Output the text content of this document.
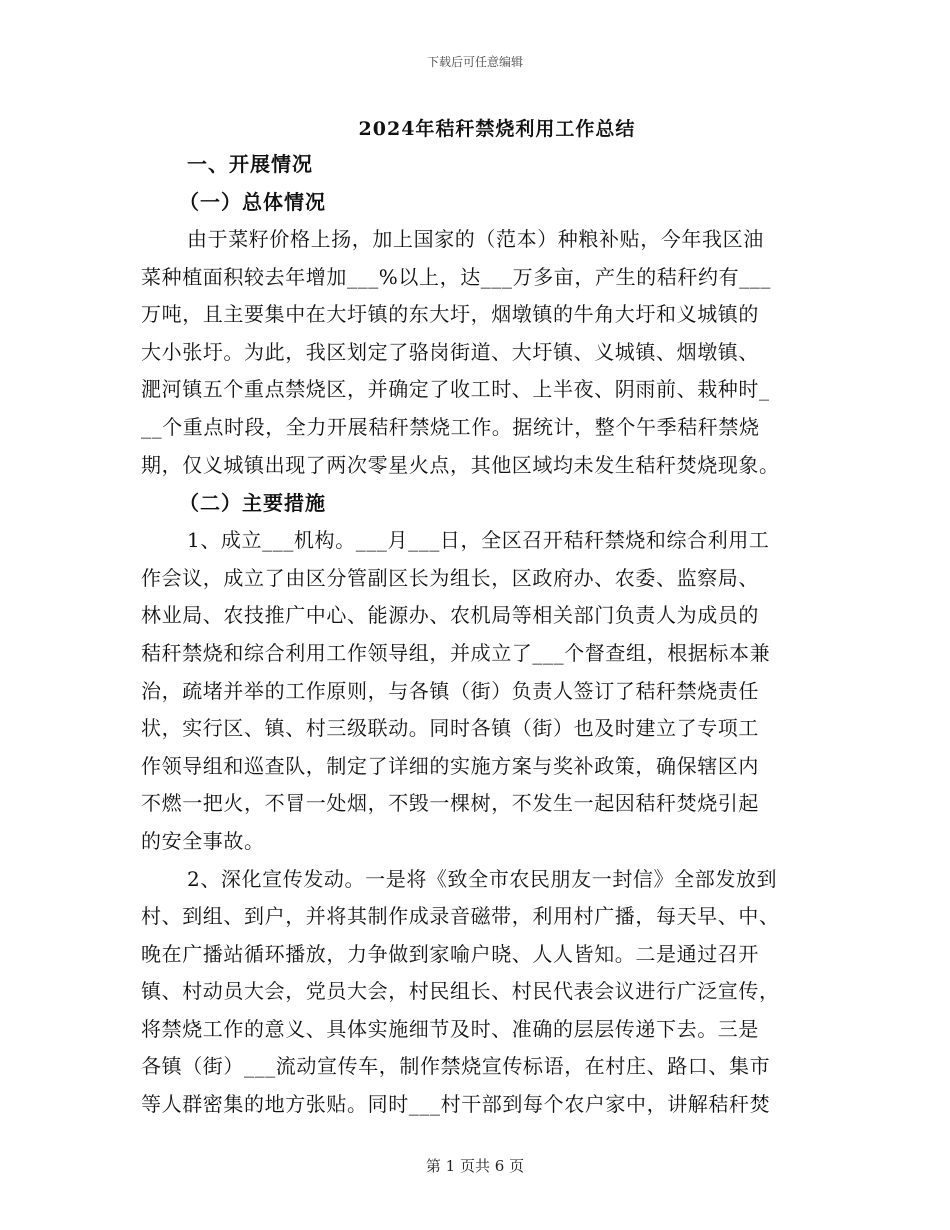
下载后可任意编辑
2024年秸秆禁烧利用工作总结
一、开展情况
（一）总体情况
由于菜籽价格上扬，加上国家的（范本）种粮补贴，今年我区油
菜种植面积较去年增加___%以上，达___万多亩，产生的秸秆约有___
万吨，且主要集中在大圩镇的东大圩，烟墩镇的牛角大圩和义城镇的
大小张圩。为此，我区划定了骆岗街道、大圩镇、义城镇、烟墩镇、
淝河镇五个重点禁烧区，并确定了收工时、上半夜、阴雨前、栽种时_
__个重点时段，全力开展秸秆禁烧工作。据统计，整个午季秸秆禁烧
期，仅义城镇出现了两次零星火点，其他区域均未发生秸秆焚烧现象。
（二）主要措施
1、成立___机构。___月___日，全区召开秸秆禁烧和综合利用工
作会议，成立了由区分管副区长为组长，区政府办、农委、监察局、
林业局、农技推广中心、能源办、农机局等相关部门负责人为成员的
秸秆禁烧和综合利用工作领导组，并成立了___个督查组，根据标本兼
治，疏堵并举的工作原则，与各镇（街）负责人签订了秸秆禁烧责任
状，实行区、镇、村三级联动。同时各镇（街）也及时建立了专项工
作领导组和巡查队，制定了详细的实施方案与奖补政策，确保辖区内
不燃一把火，不冒一处烟，不毁一棵树，不发生一起因秸秆焚烧引起
的安全事故。
2、深化宣传发动。一是将《致全市农民朋友一封信》全部发放到
村、到组、到户，并将其制作成录音磁带，利用村广播，每天早、中、
晚在广播站循环播放，力争做到家喻户晓、人人皆知。二是通过召开
镇、村动员大会，党员大会，村民组长、村民代表会议进行广泛宣传，
将禁烧工作的意义、具体实施细节及时、准确的层层传递下去。三是
各镇（街）___流动宣传车，制作禁烧宣传标语，在村庄、路口、集市
等人群密集的地方张贴。同时___村干部到每个农户家中，讲解秸秆焚
第 1 页共 6 页
